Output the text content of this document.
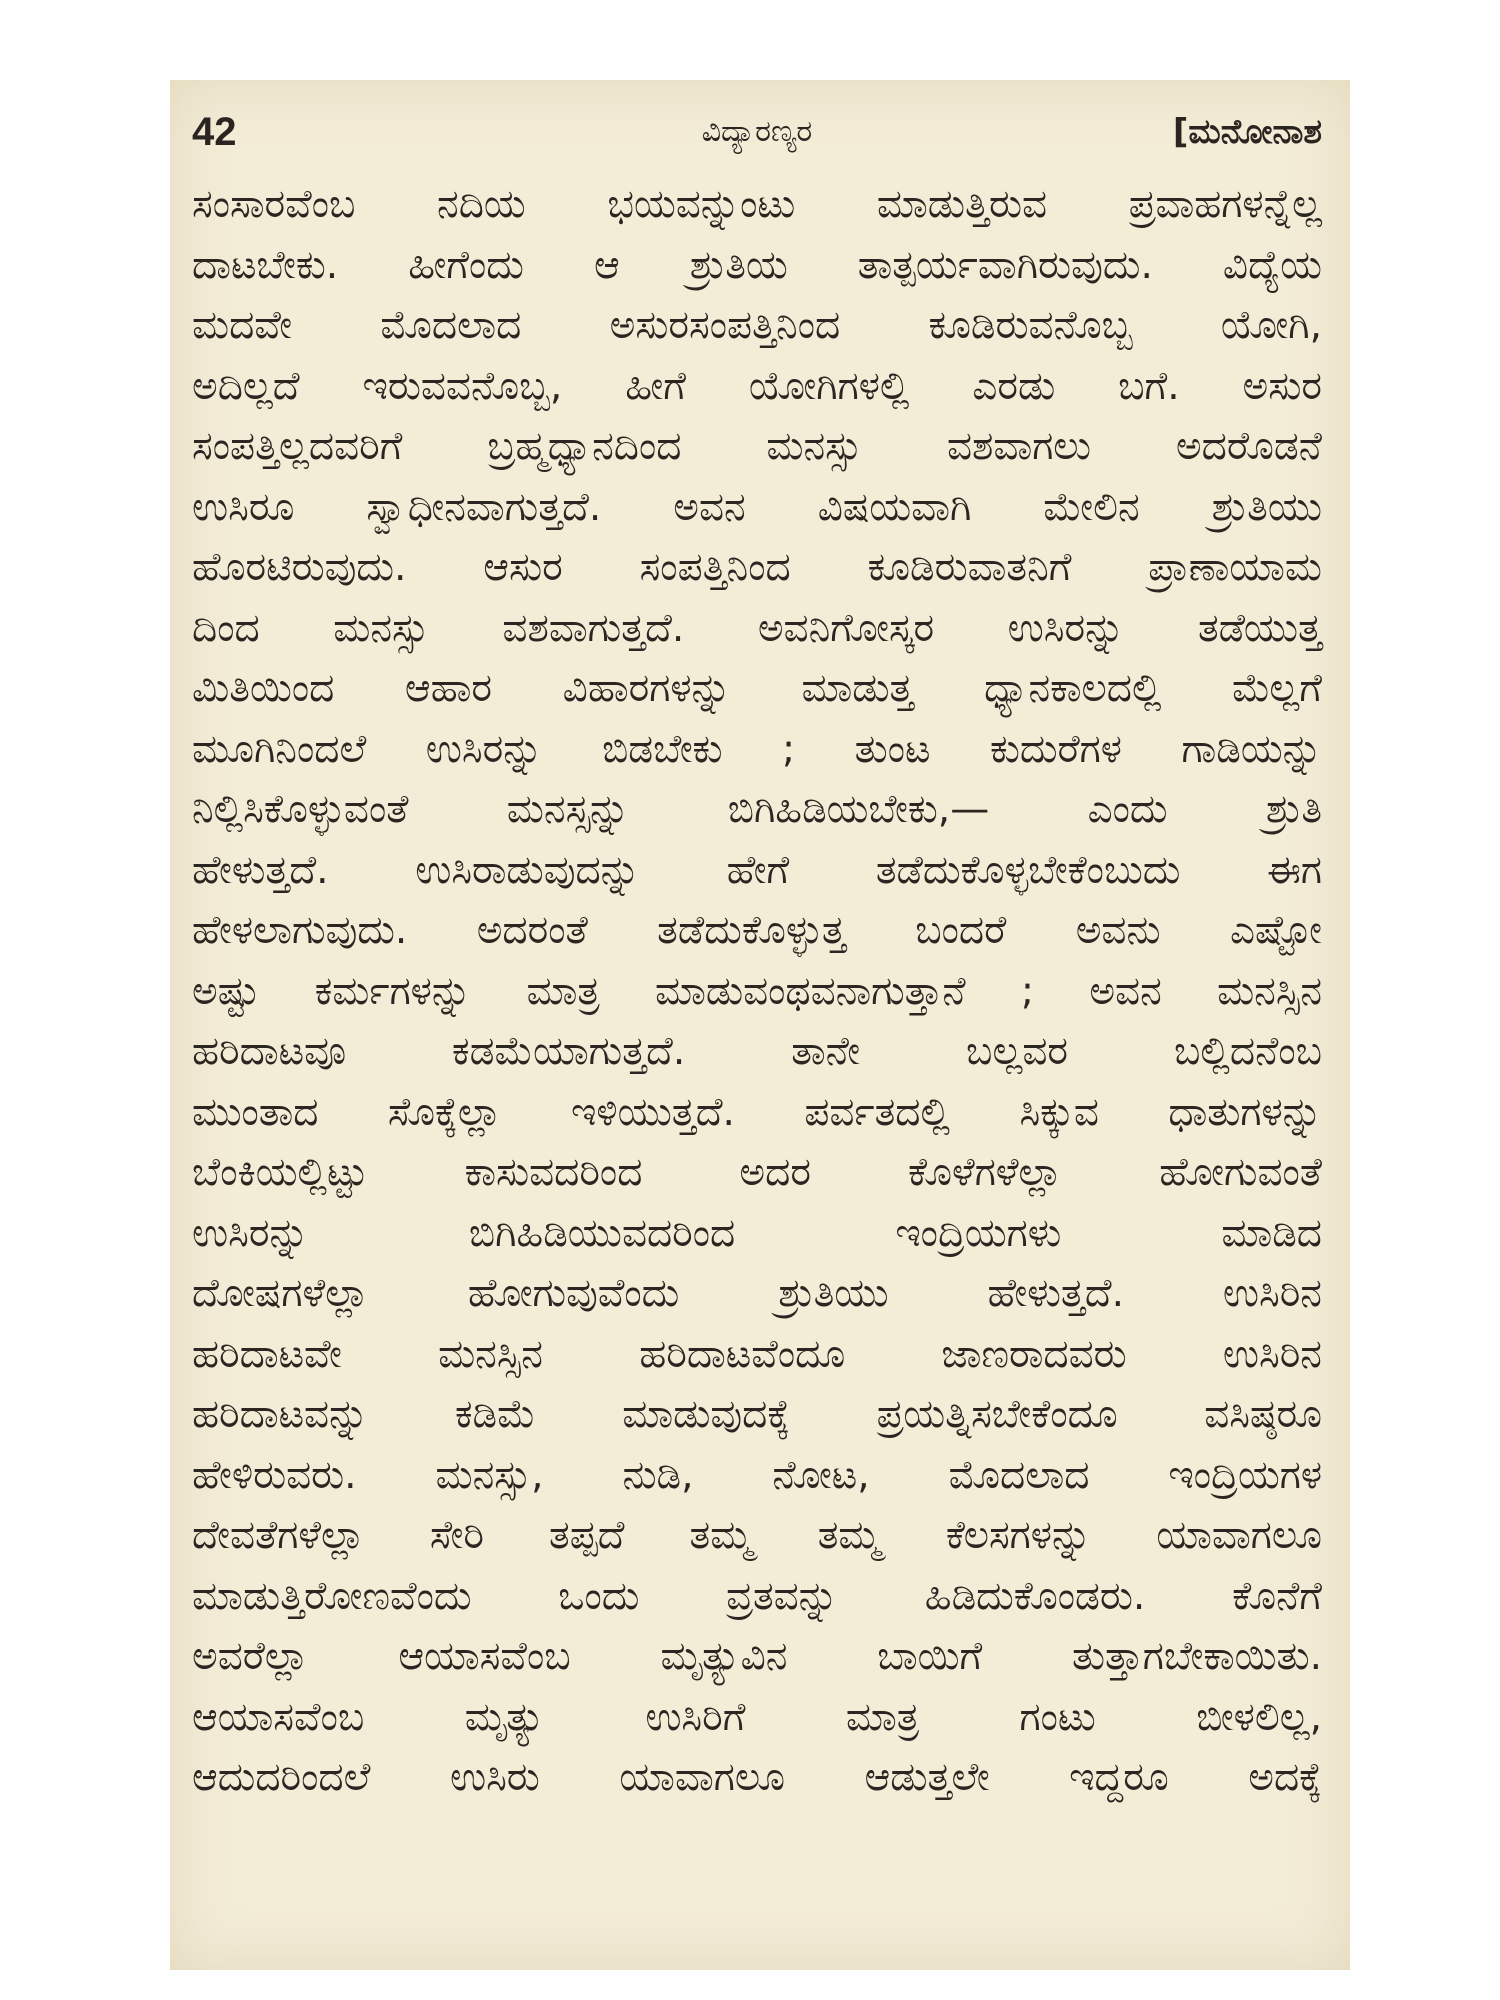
42	ವಿದ್ಯಾರಣ್ಯರ	[ಮನೋನಾಶ
ಸಂಸಾರವೆಂಬ ನದಿಯ ಭಯವನ್ನುಂಟು ಮಾಡುತ್ತಿರುವ ಪ್ರವಾಹಗಳನ್ನೆಲ್ಲ
ದಾಟಬೇಕು. ಹೀಗೆಂದು ಆ ಶ್ರುತಿಯ ತಾತ್ಪರ್ಯವಾಗಿರುವುದು. ವಿದ್ಯೆಯ
ಮದವೇ ಮೊದಲಾದ ಅಸುರಸಂಪತ್ತಿನಿಂದ ಕೂಡಿರುವನೊಬ್ಬ ಯೋಗಿ,
ಅದಿಲ್ಲದೆ ಇರುವವನೊಬ್ಬ, ಹೀಗೆ ಯೋಗಿಗಳಲ್ಲಿ ಎರಡು ಬಗೆ. ಅಸುರ
ಸಂಪತ್ತಿಲ್ಲದವರಿಗೆ ಬ್ರಹ್ಮಧ್ಯಾನದಿಂದ ಮನಸ್ಸು ವಶವಾಗಲು ಅದರೊಡನೆ
ಉಸಿರೂ ಸ್ವಾಧೀನವಾಗುತ್ತದೆ. ಅವನ ವಿಷಯವಾಗಿ ಮೇಲಿನ ಶ್ರುತಿಯು
ಹೊರಟಿರುವುದು. ಆಸುರ ಸಂಪತ್ತಿನಿಂದ ಕೂಡಿರುವಾತನಿಗೆ ಪ್ರಾಣಾಯಾಮ
ದಿಂದ ಮನಸ್ಸು ವಶವಾಗುತ್ತದೆ. ಅವನಿಗೋಸ್ಕರ ಉಸಿರನ್ನು ತಡೆಯುತ್ತ
ಮಿತಿಯಿಂದ ಆಹಾರ ವಿಹಾರಗಳನ್ನು ಮಾಡುತ್ತ ಧ್ಯಾನಕಾಲದಲ್ಲಿ ಮೆಲ್ಲಗೆ
ಮೂಗಿನಿಂದಲೆ ಉಸಿರನ್ನು ಬಿಡಬೇಕು ; ತುಂಟ ಕುದುರೆಗಳ ಗಾಡಿಯನ್ನು
ನಿಲ್ಲಿಸಿಕೊಳ್ಳುವಂತೆ ಮನಸ್ಸನ್ನು ಬಿಗಿಹಿಡಿಯಬೇಕು,— ಎಂದು ಶ್ರುತಿ
ಹೇಳುತ್ತದೆ. ಉಸಿರಾಡುವುದನ್ನು ಹೇಗೆ ತಡೆದುಕೊಳ್ಳಬೇಕೆಂಬುದು ಈಗ
ಹೇಳಲಾಗುವುದು. ಅದರಂತೆ ತಡೆದುಕೊಳ್ಳುತ್ತ ಬಂದರೆ ಅವನು ಎಷ್ಟೋ
ಅಷ್ಟು ಕರ್ಮಗಳನ್ನು ಮಾತ್ರ ಮಾಡುವಂಥವನಾಗುತ್ತಾನೆ ; ಅವನ ಮನಸ್ಸಿನ
ಹರಿದಾಟವೂ ಕಡಮೆಯಾಗುತ್ತದೆ. ತಾನೇ ಬಲ್ಲವರ ಬಲ್ಲಿದನೆಂಬ
ಮುಂತಾದ ಸೊಕ್ಕೆಲ್ಲಾ ಇಳಿಯುತ್ತದೆ. ಪರ್ವತದಲ್ಲಿ ಸಿಕ್ಕುವ ಧಾತುಗಳನ್ನು
ಬೆಂಕಿಯಲ್ಲಿಟ್ಟು ಕಾಸುವದರಿಂದ ಅದರ ಕೊಳೆಗಳೆಲ್ಲಾ ಹೋಗುವಂತೆ
ಉಸಿರನ್ನು ಬಿಗಿಹಿಡಿಯುವದರಿಂದ ಇಂದ್ರಿಯಗಳು ಮಾಡಿದ
ದೋಷಗಳೆಲ್ಲಾ ಹೋಗುವುವೆಂದು ಶ್ರುತಿಯು ಹೇಳುತ್ತದೆ. ಉಸಿರಿನ
ಹರಿದಾಟವೇ ಮನಸ್ಸಿನ ಹರಿದಾಟವೆಂದೂ ಜಾಣರಾದವರು ಉಸಿರಿನ
ಹರಿದಾಟವನ್ನು ಕಡಿಮೆ ಮಾಡುವುದಕ್ಕೆ ಪ್ರಯತ್ನಿಸಬೇಕೆಂದೂ ವಸಿಷ್ಠರೂ
ಹೇಳಿರುವರು. ಮನಸ್ಸು, ನುಡಿ, ನೋಟ, ಮೊದಲಾದ ಇಂದ್ರಿಯಗಳ
ದೇವತೆಗಳೆಲ್ಲಾ ಸೇರಿ ತಪ್ಪದೆ ತಮ್ಮ ತಮ್ಮ ಕೆಲಸಗಳನ್ನು ಯಾವಾಗಲೂ
ಮಾಡುತ್ತಿರೋಣವೆಂದು ಒಂದು ವ್ರತವನ್ನು ಹಿಡಿದುಕೊಂಡರು. ಕೊನೆಗೆ
ಅವರೆಲ್ಲಾ ಆಯಾಸವೆಂಬ ಮೃತ್ಯುವಿನ ಬಾಯಿಗೆ ತುತ್ತಾಗಬೇಕಾಯಿತು.
ಆಯಾಸವೆಂಬ ಮೃತ್ಯು ಉಸಿರಿಗೆ ಮಾತ್ರ ಗಂಟು ಬೀಳಲಿಲ್ಲ,
ಆದುದರಿಂದಲೆ ಉಸಿರು ಯಾವಾಗಲೂ ಆಡುತ್ತಲೇ ಇದ್ದರೂ ಅದಕ್ಕೆ
